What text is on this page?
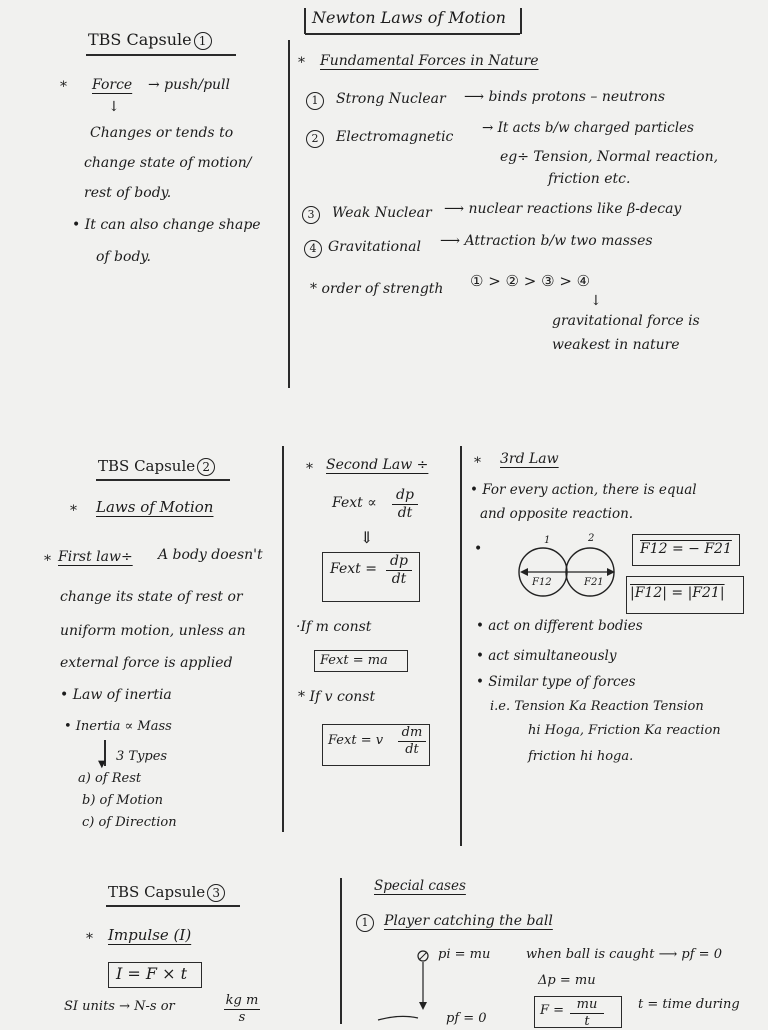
Newton Laws of Motion
TBS Capsule 1
* Force → push/pull
↓
Changes or tends to
change state of motion/
rest of body.
• It can also change shape
of body.
* Fundamental Forces in Nature
1	Strong Nuclear ⟶ binds protons – neutrons
2	Electromagnetic
→ It acts b/w charged particles
eg÷ Tension, Normal reaction,
friction etc.
3	Weak Nuclear ⟶ nuclear reactions like β-decay
4 Gravitational ⟶ Attraction b/w two masses
* order of strength ① > ② > ③ > ④
↓
gravitational force is
weakest in nature
TBS Capsule 2
* Laws of Motion
* First law÷ A body doesn't
change its state of rest or
uniform motion, unless an
external force is applied
• Law of inertia
• Inertia ∝ Mass
▼
3 Types
a) of Rest
b) of Motion
c) of Direction
* Second Law ÷
Fext ∝ dp
dt
⇓
Fext = dp
dt
·If m const
Fext = ma
* If v const
Fext = v
dm
dt
* 3rd Law
• For every action, there is equal
and opposite reaction.
•
1	2
F12	F21
F12 = − F21
|F12| = |F21|
• act on different bodies
• act simultaneously
• Similar type of forces
i.e. Tension Ka Reaction Tension
hi Hoga, Friction Ka reaction
friction hi hoga.
TBS Capsule 3
* Impulse (I)
I = F × t
SI units → N-s or	kg m
s
Special cases
1	Player catching the ball
pi = mu	when ball is caught ⟶ pf = 0
Δp = mu
pf = 0
F = mu
t
t = time during
